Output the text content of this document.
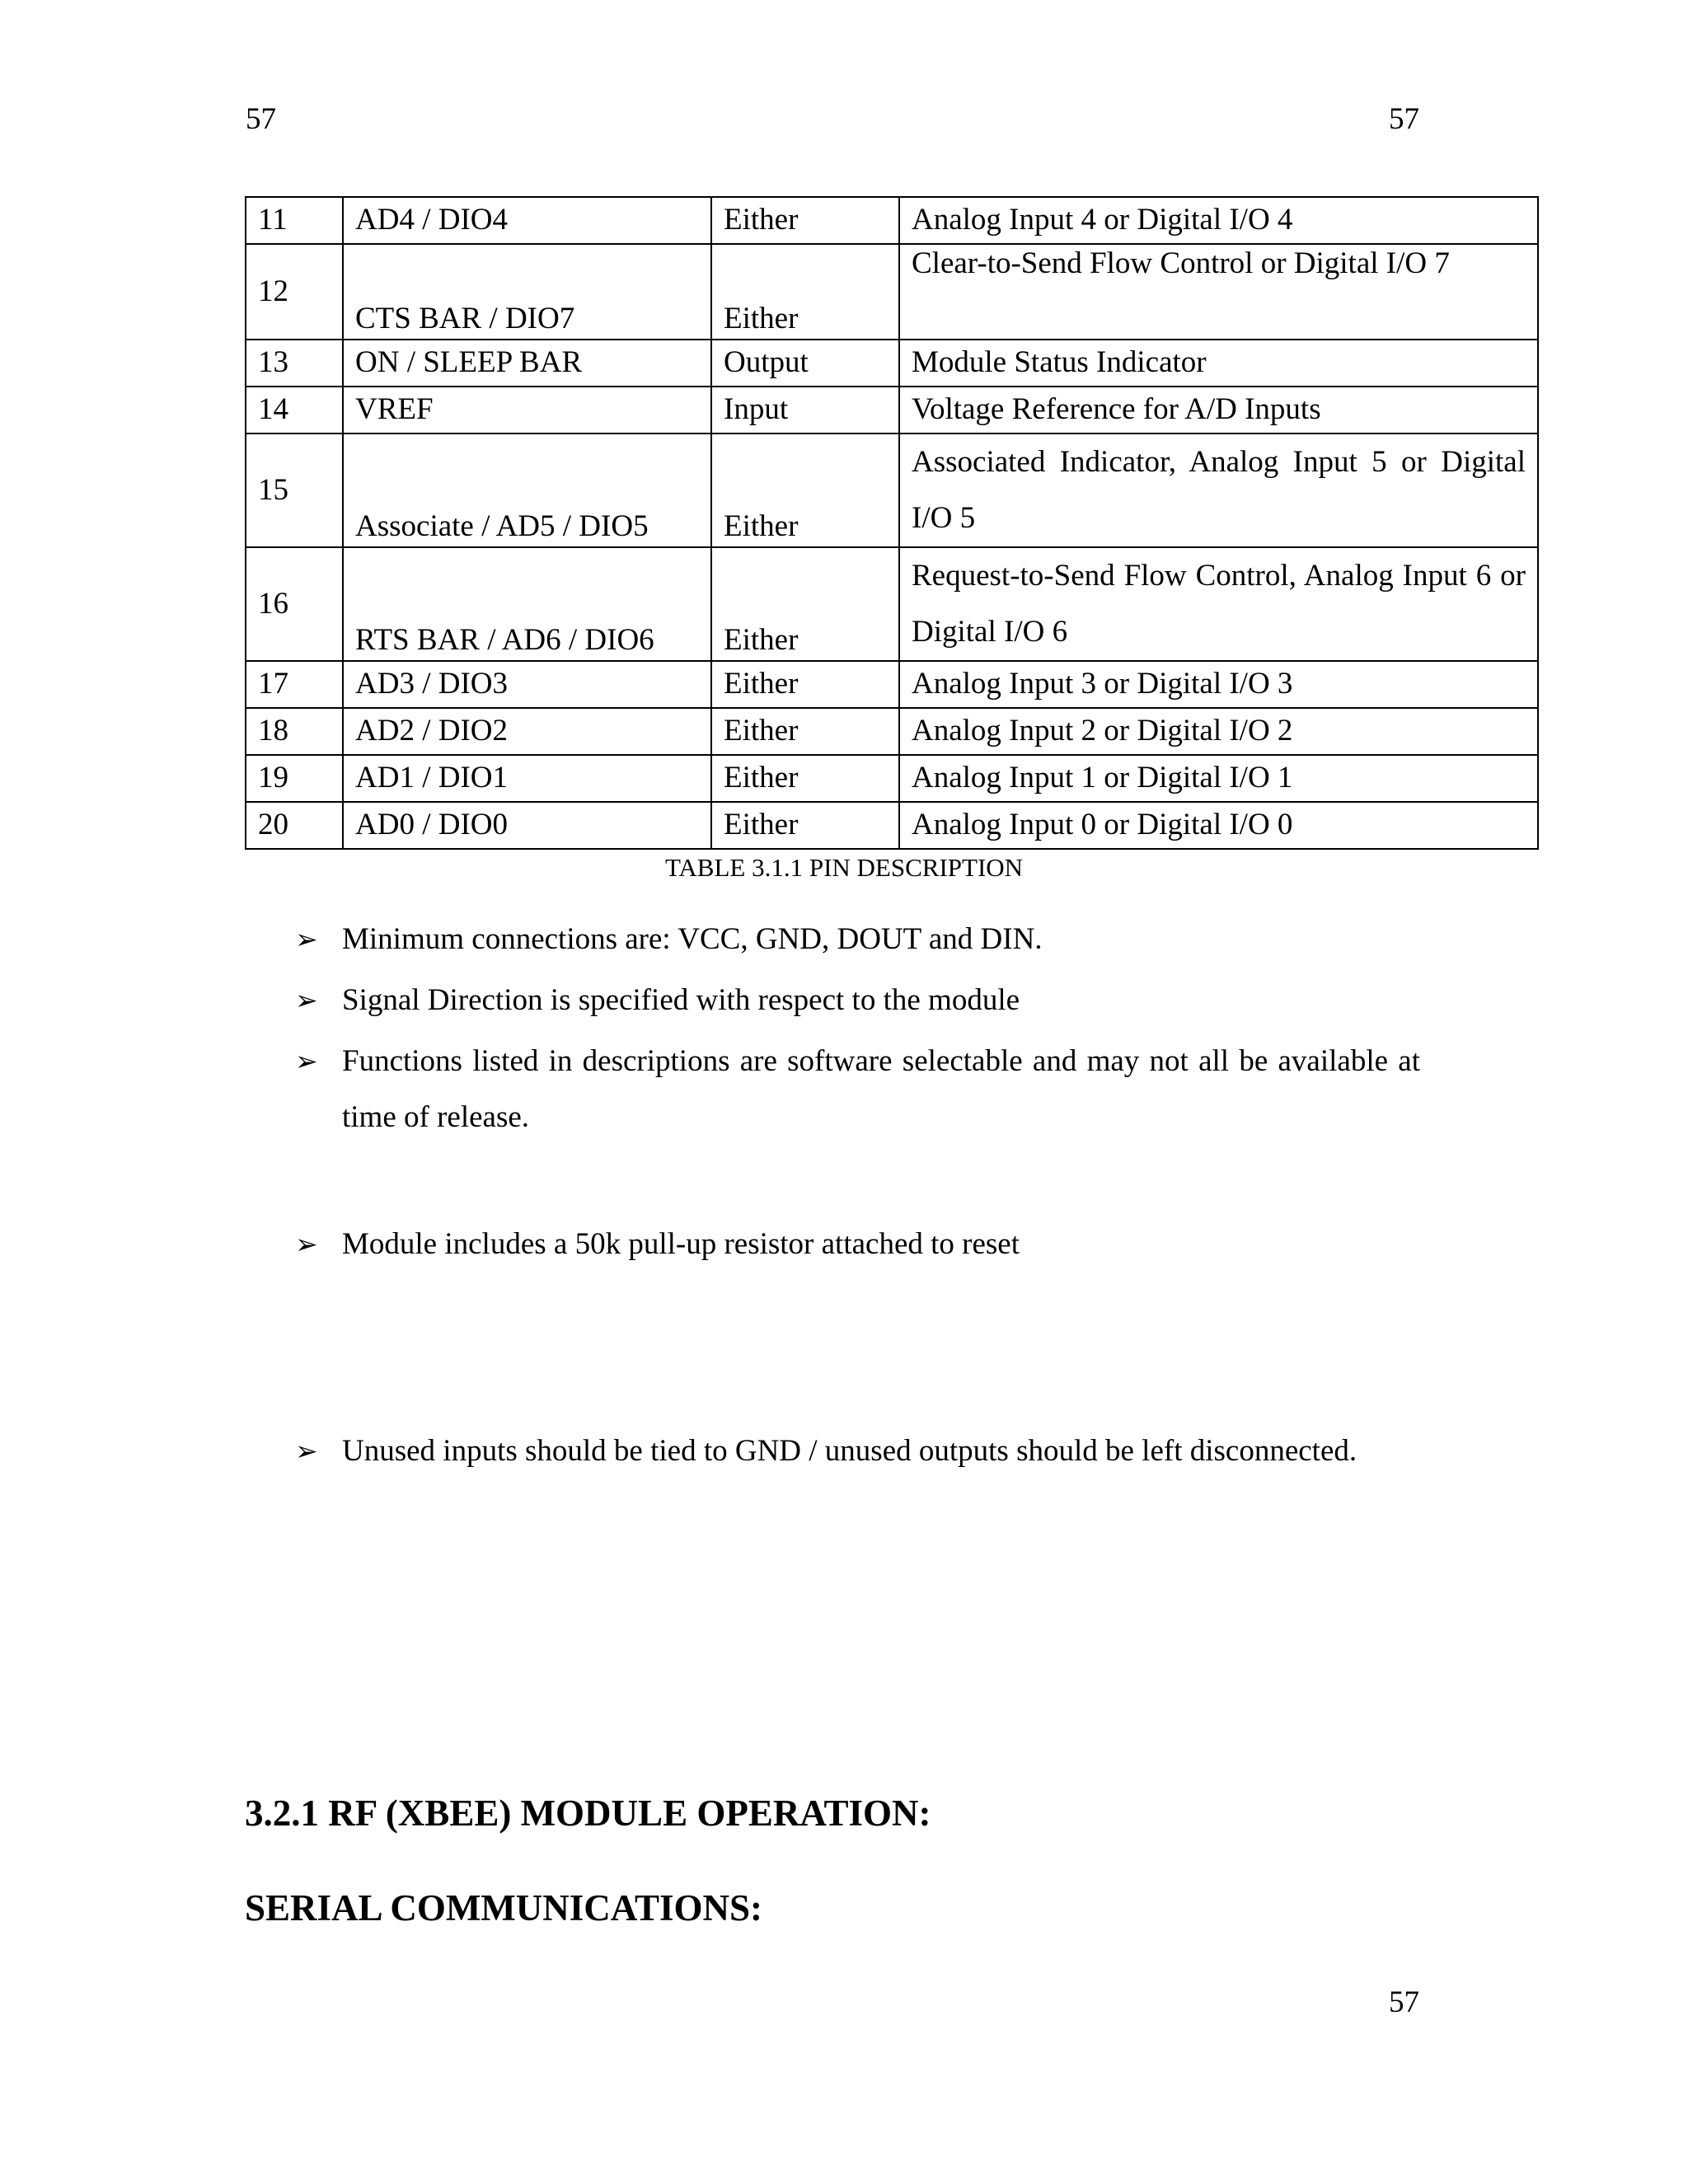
57	57
11	AD4 / DIO4	Either	Analog Input 4 or Digital I/O 4
12	CTS BAR / DIO7	Either	Clear-to-Send Flow Control or Digital I/O 7
13	ON / SLEEP BAR	Output	Module Status Indicator
14	VREF	Input	Voltage Reference for A/D Inputs
15	Associate / AD5 / DIO5	Either	Associated Indicator, Analog Input 5 or Digital I/O 5
16	RTS BAR / AD6 / DIO6	Either	Request-to-Send Flow Control, Analog Input 6 or Digital I/O 6
17	AD3 / DIO3	Either	Analog Input 3 or Digital I/O 3
18	AD2 / DIO2	Either	Analog Input 2 or Digital I/O 2
19	AD1 / DIO1	Either	Analog Input 1 or Digital I/O 1
20	AD0 / DIO0	Either	Analog Input 0 or Digital I/O 0
TABLE 3.1.1 PIN DESCRIPTION
➢ Minimum connections are: VCC, GND, DOUT and DIN.
➢ Signal Direction is specified with respect to the module
➢ Functions listed in descriptions are software selectable and may not all be available at time of release.
➢ Module includes a 50k pull-up resistor attached to reset
➢ Unused inputs should be tied to GND / unused outputs should be left disconnected.
3.2.1 RF (XBEE) MODULE OPERATION:
SERIAL COMMUNICATIONS:
57
